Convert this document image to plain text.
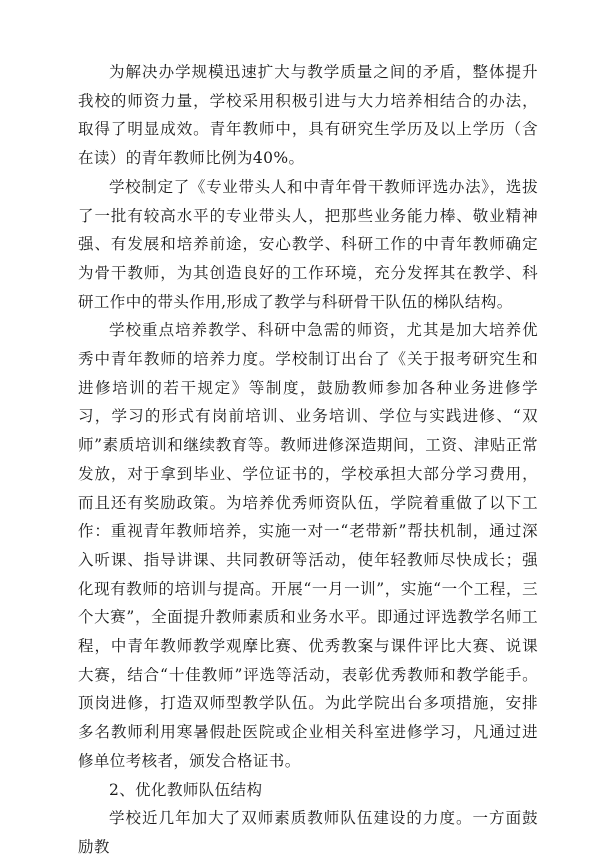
为解决办学规模迅速扩大与教学质量之间的矛盾，整体提升我校的师资力量，学校采用积极引进与大力培养相结合的办法，取得了明显成效。青年教师中，具有研究生学历及以上学历（含在读）的青年教师比例为40%。

学校制定了《专业带头人和中青年骨干教师评选办法》，选拔了一批有较高水平的专业带头人，把那些业务能力棒、敬业精神强、有发展和培养前途，安心教学、科研工作的中青年教师确定为骨干教师，为其创造良好的工作环境，充分发挥其在教学、科研工作中的带头作用,形成了教学与科研骨干队伍的梯队结构。

学校重点培养教学、科研中急需的师资，尤其是加大培养优秀中青年教师的培养力度。学校制订出台了《关于报考研究生和进修培训的若干规定》等制度，鼓励教师参加各种业务进修学习，学习的形式有岗前培训、业务培训、学位与实践进修、“双师”素质培训和继续教育等。教师进修深造期间，工资、津贴正常发放，对于拿到毕业、学位证书的，学校承担大部分学习费用，而且还有奖励政策。为培养优秀师资队伍，学院着重做了以下工作：重视青年教师培养，实施一对一“老带新”帮扶机制，通过深入听课、指导讲课、共同教研等活动，使年轻教师尽快成长；强化现有教师的培训与提高。开展“一月一训”，实施“一个工程，三个大赛”，全面提升教师素质和业务水平。即通过评选教学名师工程，中青年教师教学观摩比赛、优秀教案与课件评比大赛、说课大赛，结合“十佳教师”评选等活动，表彰优秀教师和教学能手。顶岗进修，打造双师型教学队伍。为此学院出台多项措施，安排多名教师利用寒暑假赴医院或企业相关科室进修学习，凡通过进修单位考核者，颁发合格证书。

2、优化教师队伍结构

学校近几年加大了双师素质教师队伍建设的力度。一方面鼓励教
